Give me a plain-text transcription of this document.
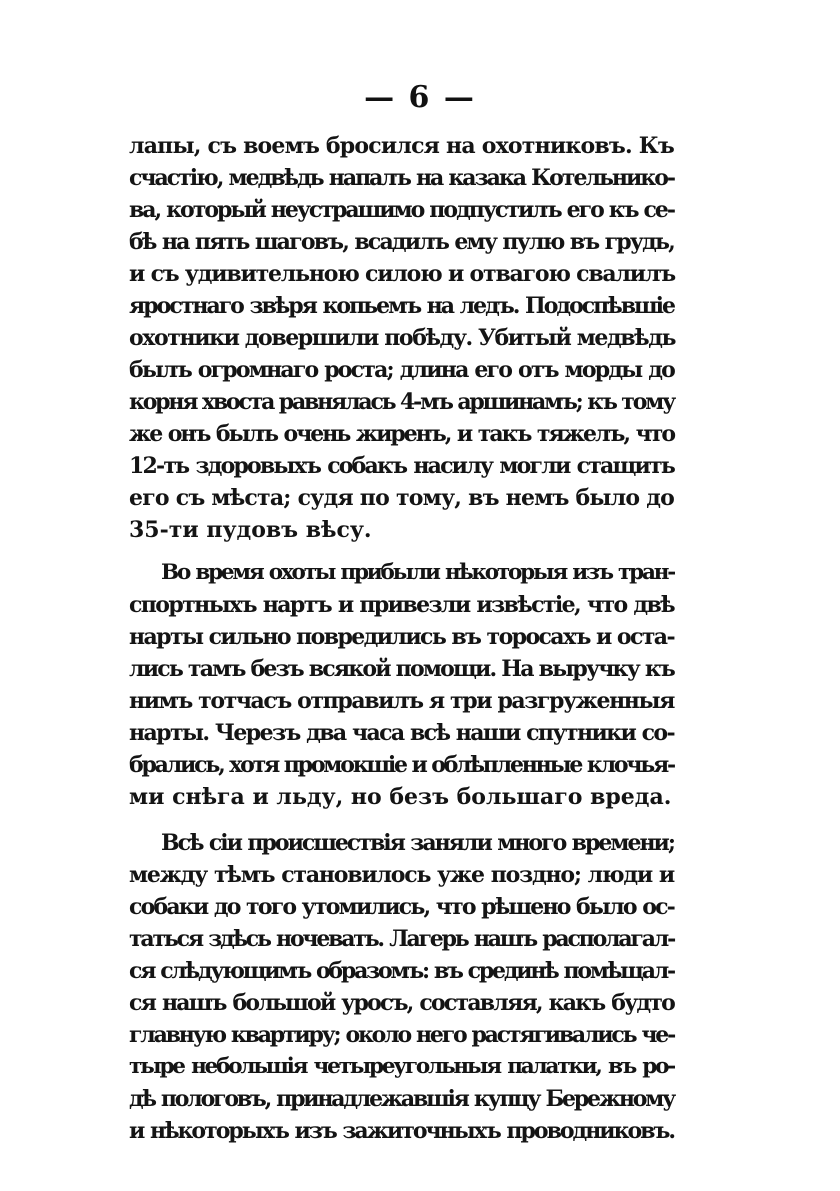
— 6 —
лапы, съ воемъ бросился на охотниковъ. Къ
счастію, медвѣдь напалъ на казака Котельнико-
ва, который неустрашимо подпустилъ его къ се-
бѣ на пять шаговъ, всадилъ ему пулю въ грудь,
и съ удивительною силою и отвагою свалилъ
яростнаго звѣря копьемъ на ледъ. Подоспѣвшіе
охотники довершили побѣду. Убитый медвѣдь
былъ огромнаго роста; длина его отъ морды до
корня хвоста равнялась 4-мъ аршинамъ; къ тому
же онъ былъ очень жиренъ, и такъ тяжелъ, что
12-ть здоровыхъ собакъ насилу могли стащить
его съ мѣста; судя по тому, въ немъ было до
35-ти пудовъ вѣсу.
Во время охоты прибыли нѣкоторыя изъ тран-
спортныхъ нартъ и привезли извѣстіе, что двѣ
нарты сильно повредились въ торосахъ и оста-
лись тамъ безъ всякой помощи. На выручку къ
нимъ тотчасъ отправилъ я три разгруженныя
нарты. Черезъ два часа всѣ наши спутники со-
брались, хотя промокшіе и облѣпленные клочья-
ми снѣга и льду, но безъ большаго вреда.
Всѣ сіи происшествія заняли много времени;
между тѣмъ становилось уже поздно; люди и
собаки до того утомились, что рѣшено было ос-
таться здѣсь ночевать. Лагерь нашъ располагал-
ся слѣдующимъ образомъ: въ срединѣ помѣщал-
ся нашъ большой уросъ, составляя, какъ будто
главную квартиру; около него растягивались че-
тыре небольшія четыреугольныя палатки, въ ро-
дѣ пологовъ, принадлежавшія купцу Бережному
и нѣкоторыхъ изъ зажиточныхъ проводниковъ.
